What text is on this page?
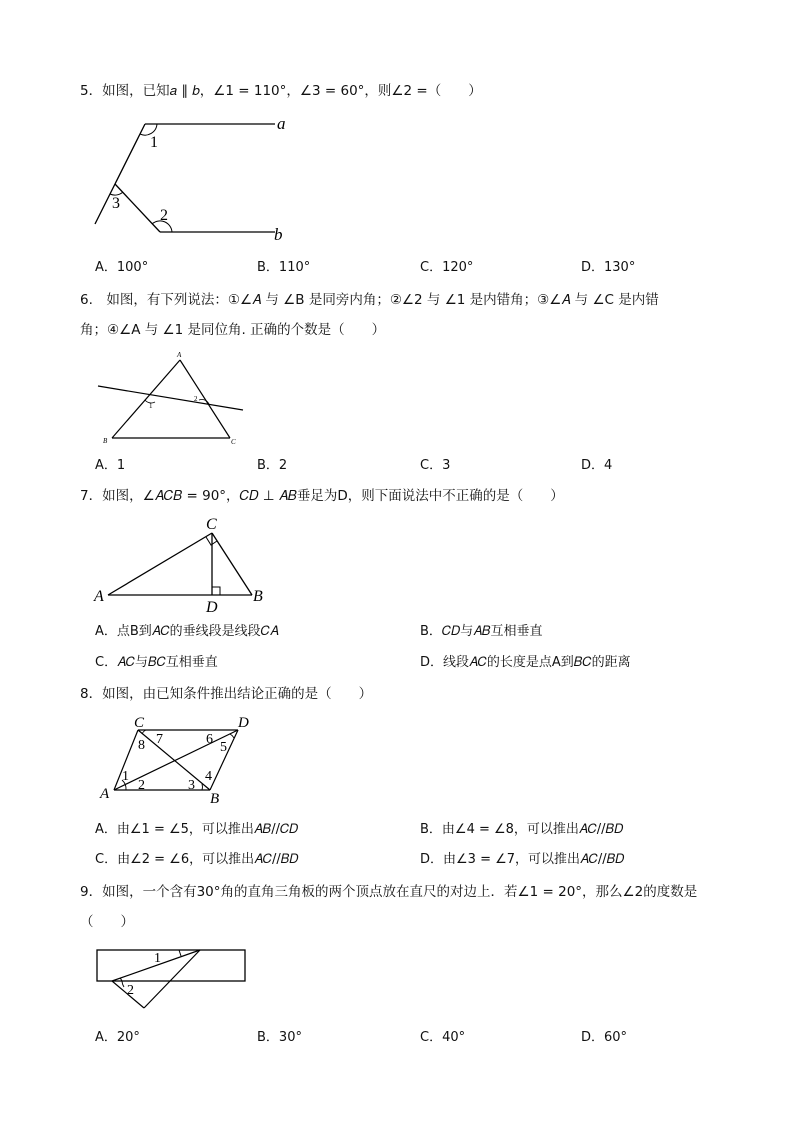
5．如图，已知𝑎 ∥ 𝑏，∠1 = 110°，∠3 = 60°，则∠2 =（　　）
1
3
2
a
b
A．100°	B．110°	C．120°	D．130°
6.　如图，有下列说法：①∠𝐴 与 ∠B 是同旁内角；②∠2 与 ∠1 是内错角；③∠𝐴 与 ∠C 是内错
角；④∠A 与 ∠1 是同位角. 正确的个数是（　　）
A
B	C
1
2
A．1	B．2	C．3	D．4
7．如图，∠𝐴𝐶𝐵 = 90°，𝐶𝐷 ⊥ 𝐴𝐵垂足为D，则下面说法中不正确的是（　　）
C
A	B
D
A．点B到𝐴𝐶的垂线段是线段𝐶𝐴	B．𝐶𝐷与𝐴𝐵互相垂直
C．𝐴𝐶与𝐵𝐶互相垂直	D．线段𝐴𝐶的长度是点A到𝐵𝐶的距离
8．如图，由已知条件推出结论正确的是（　　）
C	D
A	B
1
2	3
4
5
6
7
8
A．由∠1 = ∠5，可以推出𝐴𝐵//𝐶𝐷	B．由∠4 = ∠8，可以推出𝐴𝐶//𝐵𝐷
C．由∠2 = ∠6，可以推出𝐴𝐶//𝐵𝐷	D．由∠3 = ∠7，可以推出𝐴𝐶//𝐵𝐷
9．如图，一个含有30°角的直角三角板的两个顶点放在直尺的对边上．若∠1 = 20°，那么∠2的度数是
（　　）
1
2
A．20°	B．30°	C．40°	D．60°
